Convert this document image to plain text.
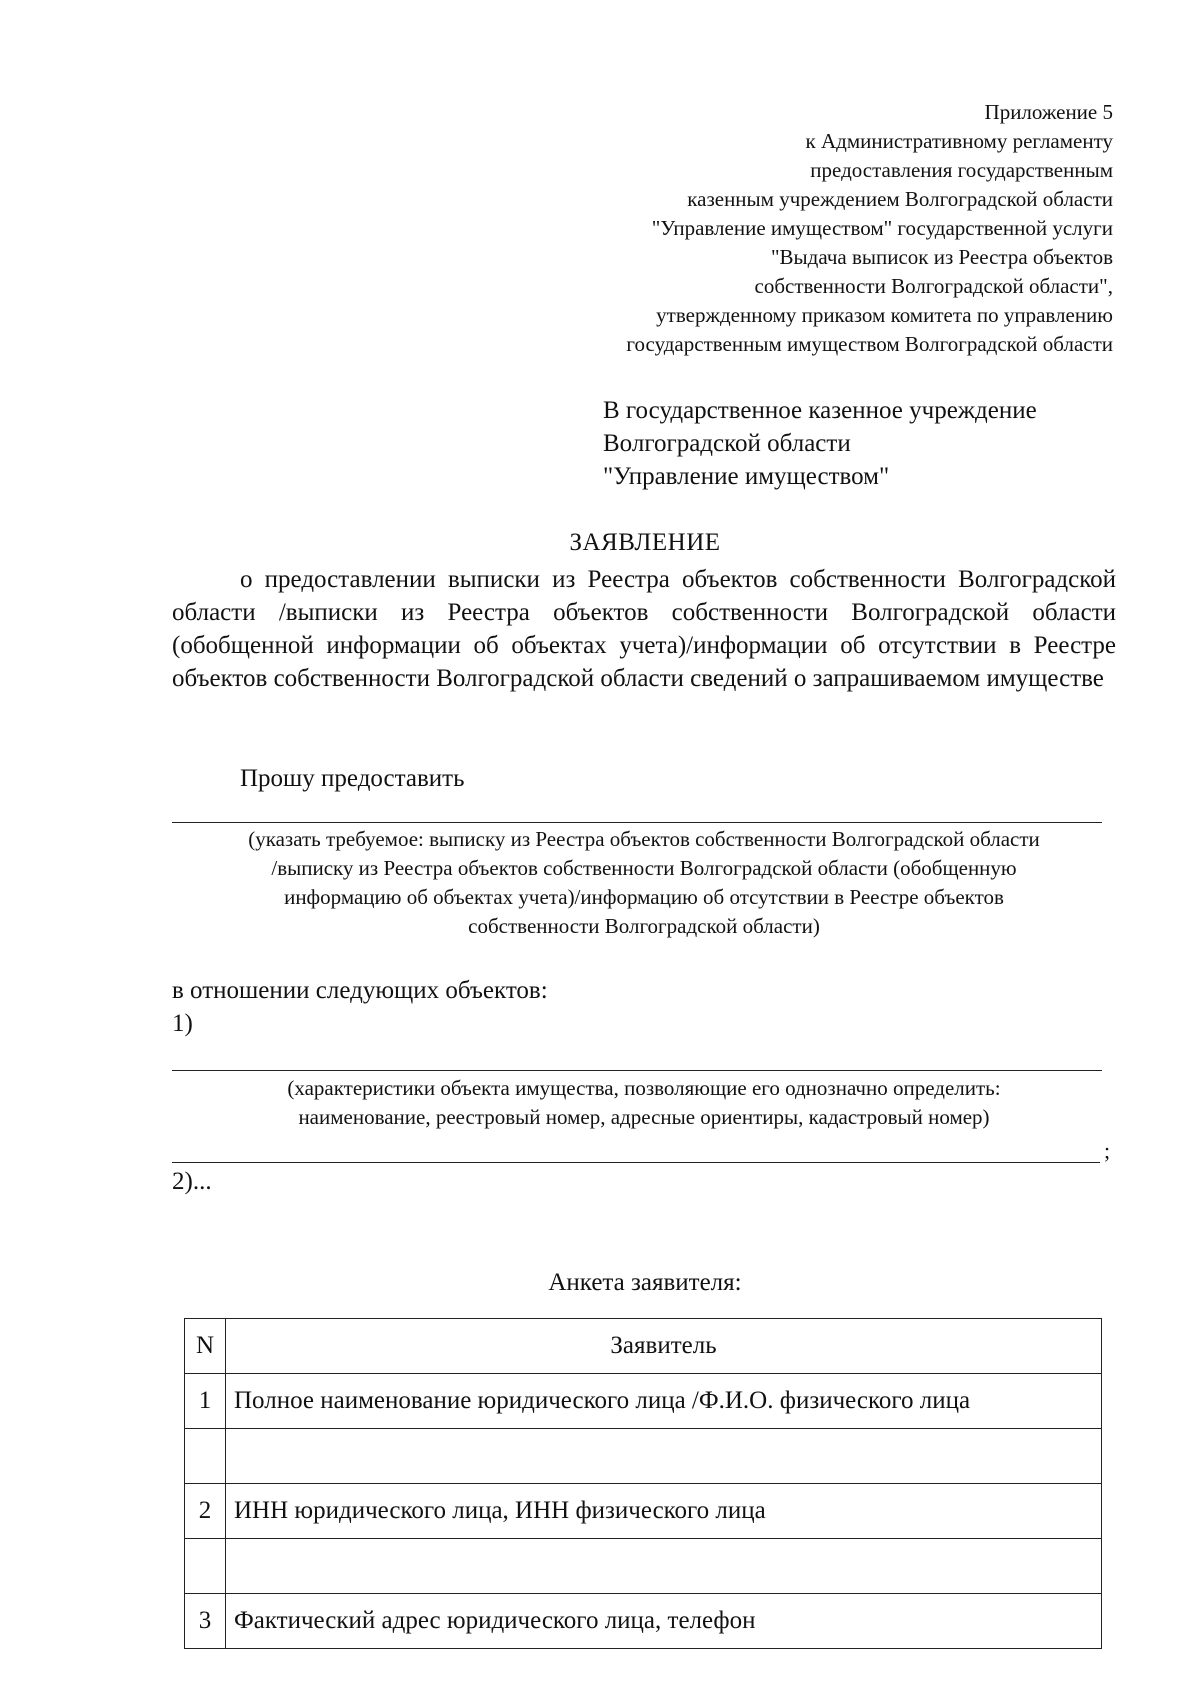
Приложение 5
к Административному регламенту
предоставления государственным
казенным учреждением Волгоградской области
"Управление имуществом" государственной услуги
"Выдача выписок из Реестра объектов
собственности Волгоградской области",
утвержденному приказом комитета по управлению
государственным имуществом Волгоградской области
В государственное казенное учреждение
Волгоградской области
"Управление имуществом"
ЗАЯВЛЕНИЕ
о предоставлении выписки из Реестра объектов собственности Волгоградской области /выписки из Реестра объектов собственности Волгоградской области (обобщенной информации об объектах учета)/информации об отсутствии в Реестре объектов собственности Волгоградской области сведений о запрашиваемом имуществе
Прошу предоставить
(указать требуемое: выписку из Реестра объектов собственности Волгоградской области
/выписку из Реестра объектов собственности Волгоградской области (обобщенную
информацию об объектах учета)/информацию об отсутствии в Реестре объектов
собственности Волгоградской области)
в отношении следующих объектов:
1)
(характеристики объекта имущества, позволяющие его однозначно определить:
наименование, реестровый номер, адресные ориентиры, кадастровый номер)
;
2)...
Анкета заявителя:
N	Заявитель
1	Полное наименование юридического лица /Ф.И.О. физического лица

2	ИНН юридического лица, ИНН физического лица

3	Фактический адрес юридического лица, телефон
